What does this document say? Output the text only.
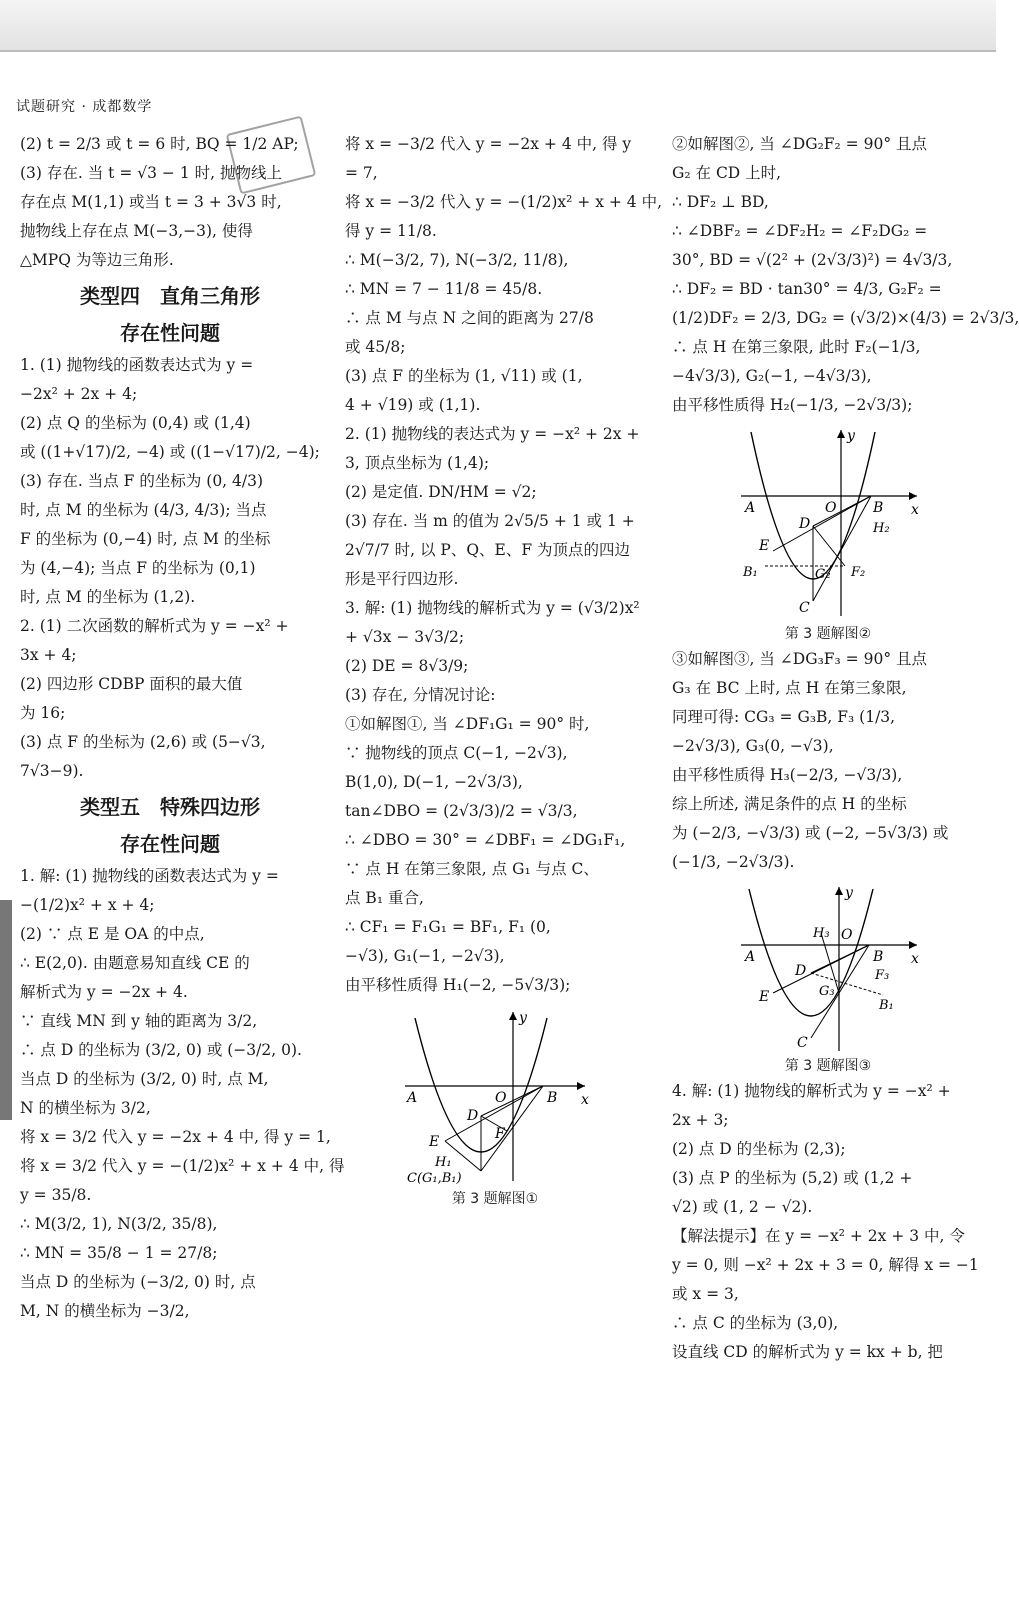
试题研究 · 成都数学
(2) t = 2/3 或 t = 6 时, BQ = 1/2 AP;
(3) 存在. 当 t = √3 − 1 时, 抛物线上
存在点 M(1,1) 或当 t = 3 + 3√3 时,
抛物线上存在点 M(−3,−3), 使得
△MPQ 为等边三角形.
类型四　直角三角形
存在性问题
1. (1) 抛物线的函数表达式为 y =
−2x² + 2x + 4;
(2) 点 Q 的坐标为 (0,4) 或 (1,4)
或 ((1+√17)/2, −4) 或 ((1−√17)/2, −4);
(3) 存在. 当点 F 的坐标为 (0, 4/3)
时, 点 M 的坐标为 (4/3, 4/3); 当点
F 的坐标为 (0,−4) 时, 点 M 的坐标
为 (4,−4); 当点 F 的坐标为 (0,1)
时, 点 M 的坐标为 (1,2).
2. (1) 二次函数的解析式为 y = −x² +
3x + 4;
(2) 四边形 CDBP 面积的最大值
为 16;
(3) 点 F 的坐标为 (2,6) 或 (5−√3,
7√3−9).
类型五　特殊四边形
存在性问题
1. 解: (1) 抛物线的函数表达式为 y =
−(1/2)x² + x + 4;
(2) ∵ 点 E 是 OA 的中点,
∴ E(2,0). 由题意易知直线 CE 的
解析式为 y = −2x + 4.
∵ 直线 MN 到 y 轴的距离为 3/2,
∴ 点 D 的坐标为 (3/2, 0) 或 (−3/2, 0).
当点 D 的坐标为 (3/2, 0) 时, 点 M,
N 的横坐标为 3/2,
将 x = 3/2 代入 y = −2x + 4 中, 得 y = 1,
将 x = 3/2 代入 y = −(1/2)x² + x + 4 中, 得
y = 35/8.
∴ M(3/2, 1), N(3/2, 35/8),
∴ MN = 35/8 − 1 = 27/8;
当点 D 的坐标为 (−3/2, 0) 时, 点
M, N 的横坐标为 −3/2,
将 x = −3/2 代入 y = −2x + 4 中, 得 y
= 7,
将 x = −3/2 代入 y = −(1/2)x² + x + 4 中,
得 y = 11/8.
∴ M(−3/2, 7), N(−3/2, 11/8),
∴ MN = 7 − 11/8 = 45/8.
∴ 点 M 与点 N 之间的距离为 27/8
或 45/8;
(3) 点 F 的坐标为 (1, √11) 或 (1,
4 + √19) 或 (1,1).
2. (1) 抛物线的表达式为 y = −x² + 2x +
3, 顶点坐标为 (1,4);
(2) 是定值. DN/HM = √2;
(3) 存在. 当 m 的值为 2√5/5 + 1 或 1 +
2√7/7 时, 以 P、Q、E、F 为顶点的四边
形是平行四边形.
3. 解: (1) 抛物线的解析式为 y = (√3/2)x²
+ √3x − 3√3/2;
(2) DE = 8√3/9;
(3) 存在, 分情况讨论:
①如解图①, 当 ∠DF₁G₁ = 90° 时,
∵ 抛物线的顶点 C(−1, −2√3),
B(1,0), D(−1, −2√3/3),
tan∠DBO = (2√3/3)/2 = √3/3,
∴ ∠DBO = 30° = ∠DBF₁ = ∠DG₁F₁,
∵ 点 H 在第三象限, 点 G₁ 与点 C、
点 B₁ 重合,
∴ CF₁ = F₁G₁ = BF₁, F₁ (0,
−√3), G₁(−1, −2√3),
由平移性质得 H₁(−2, −5√3/3);
A	O	B
D
F
E
H₁
C(G₁,B₁)
x
y
第 3 题解图①
②如解图②, 当 ∠DG₂F₂ = 90° 且点
G₂ 在 CD 上时,
∴ DF₂ ⊥ BD,
∴ ∠DBF₂ = ∠DF₂H₂ = ∠F₂DG₂ =
30°, BD = √(2² + (2√3/3)²) = 4√3/3,
∴ DF₂ = BD · tan30° = 4/3, G₂F₂ =
(1/2)DF₂ = 2/3, DG₂ = (√3/2)×(4/3) = 2√3/3,
∴ 点 H 在第三象限, 此时 F₂(−1/3,
−4√3/3), G₂(−1, −4√3/3),
由平移性质得 H₂(−1/3, −2√3/3);
A	O	B
D	H₂
E
B₁	G₂ F₂
C
x
y
第 3 题解图②
③如解图③, 当 ∠DG₃F₃ = 90° 且点
G₃ 在 BC 上时, 点 H 在第三象限,
同理可得: CG₃ = G₃B, F₃ (1/3,
−2√3/3), G₃(0, −√3),
由平移性质得 H₃(−2/3, −√3/3),
综上所述, 满足条件的点 H 的坐标
为 (−2/3, −√3/3) 或 (−2, −5√3/3) 或
(−1/3, −2√3/3).
A
H₃ O
B
D	F₃
G₃
E
B₁
C
x
y
第 3 题解图③
4. 解: (1) 抛物线的解析式为 y = −x² +
2x + 3;
(2) 点 D 的坐标为 (2,3);
(3) 点 P 的坐标为 (5,2) 或 (1,2 +
√2) 或 (1, 2 − √2).
【解法提示】在 y = −x² + 2x + 3 中, 令
y = 0, 则 −x² + 2x + 3 = 0, 解得 x = −1
或 x = 3,
∴ 点 C 的坐标为 (3,0),
设直线 CD 的解析式为 y = kx + b, 把
